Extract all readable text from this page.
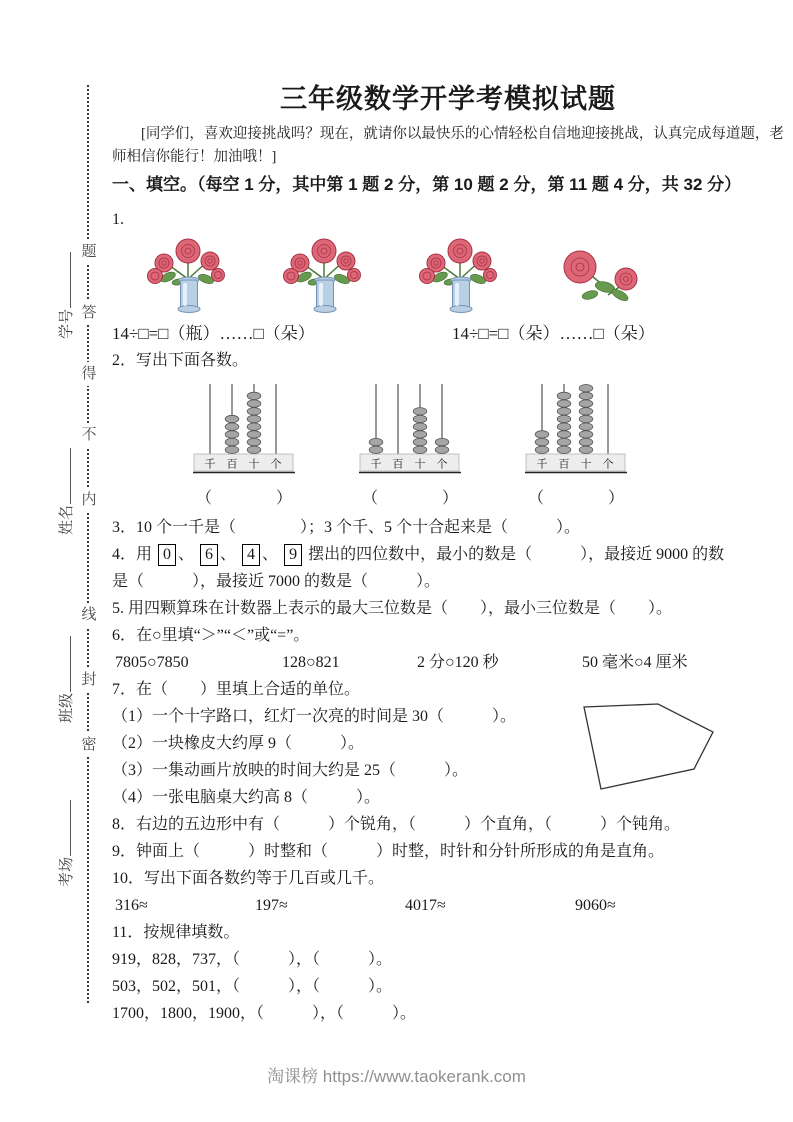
题
答
得
不
内
线
封
密
学号
姓名
班级
考场
三年级数学开学考模拟试题

[同学们，喜欢迎接挑战吗？现在，就请你以最快乐的心情轻松自信地迎接挑战，认真完成每道题，老师相信你能行！加油哦！]

一、填空。（每空 1 分，其中第 1 题 2 分，第 10 题 2 分，第 11 题 4 分，共 32 分）

1.

14÷□=□（瓶）……□（朵）	14÷□=□（朵）……□（朵）

2．写出下面各数。

千 百 十 个
（　　　　）
千 百 十 个
（　　　　）
千 百 十 个
（　　　　）

3．10 个一千是（　　　　）；3 个千、5 个十合起来是（　　　）。

4．用 0 、 6 、 4 、 9 摆出的四位数中，最小的数是（　　　），最接近 9000 的数

是（　　　），最接近 7000 的数是（　　　）。

5. 用四颗算珠在计数器上表示的最大三位数是（　　），最小三位数是（　　）。

6．在○里填“＞”“＜”或“=”。

7805○7850	128○821	2 分○120 秒	50 毫米○4 厘米

7．在（　　）里填上合适的单位。

（1）一个十字路口，红灯一次亮的时间是 30（　　　）。

（2）一块橡皮大约厚 9（　　　）。

（3）一集动画片放映的时间大约是 25（　　　）。

（4）一张电脑桌大约高 8（　　　）。

8．右边的五边形中有（　　　）个锐角，（　　　）个直角，（　　　）个钝角。

9．钟面上（　　　）时整和（　　　）时整，时针和分针所形成的角是直角。

10．写出下面各数约等于几百或几千。

316≈	197≈	4017≈	9060≈

11．按规律填数。

919，828，737，（　　　），（　　　）。

503，502，501，（　　　），（　　　）。

1700，1800，1900，（　　　），（　　　）。

淘课榜 https://www.taokerank.com
